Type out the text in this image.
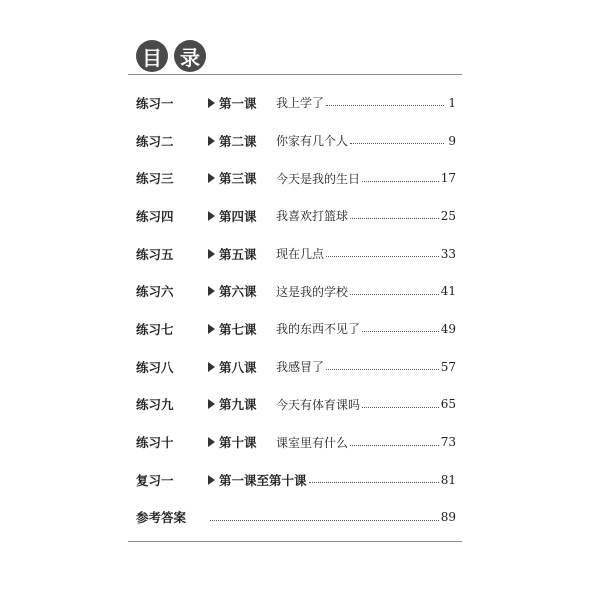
目 录
练习一	第一课 我上学了	1
练习二	第二课 你家有几个人	9
练习三	第三课 今天是我的生日	17
练习四	第四课 我喜欢打篮球	25
练习五	第五课 现在几点	33
练习六	第六课 这是我的学校	41
练习七	第七课 我的东西不见了	49
练习八	第八课 我感冒了	57
练习九	第九课 今天有体育课吗	65
练习十	第十课 课室里有什么	73
复习一	第一课至第十课	81
参考答案	89
